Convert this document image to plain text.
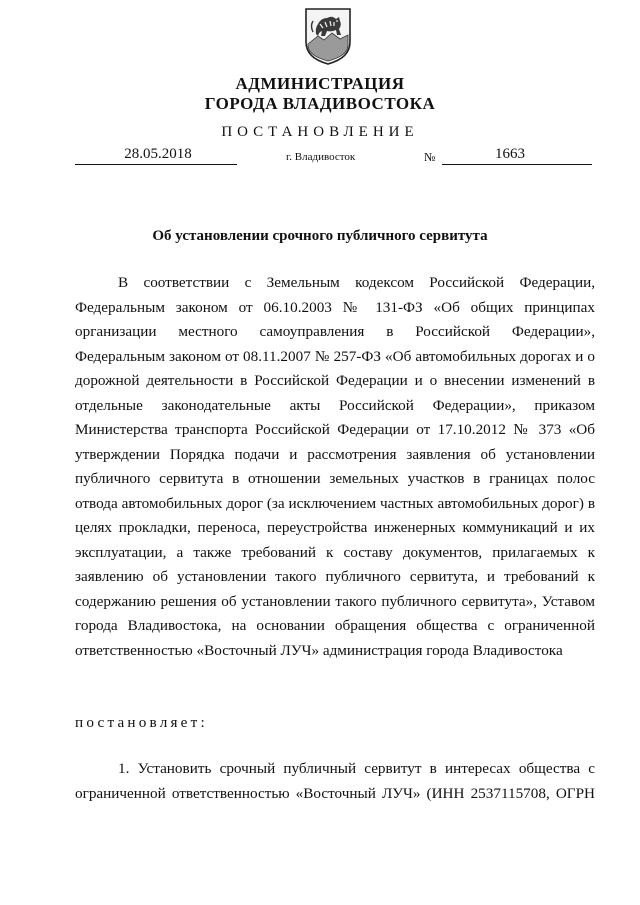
АДМИНИСТРАЦИЯ
ГОРОДА ВЛАДИВОСТОКА
ПОСТАНОВЛЕНИЕ
28.05.2018	г. Владивосток	№	1663
Об установлении срочного публичного сервитута
В соответствии с Земельным кодексом Российской Федерации,
Федеральным законом от 06.10.2003 № 131-ФЗ «Об общих принципах
организации местного самоуправления в Российской Федерации»,
Федеральным законом от 08.11.2007 № 257-ФЗ «Об автомобильных дорогах и о
дорожной деятельности в Российской Федерации и о внесении изменений в
отдельные законодательные акты Российской Федерации», приказом
Министерства транспорта Российской Федерации от 17.10.2012 № 373 «Об
утверждении Порядка подачи и рассмотрения заявления об установлении
публичного сервитута в отношении земельных участков в границах полос
отвода автомобильных дорог (за исключением частных автомобильных дорог) в
целях прокладки, переноса, переустройства инженерных коммуникаций и их
эксплуатации, а также требований к составу документов, прилагаемых к
заявлению об установлении такого публичного сервитута, и требований к
содержанию решения об установлении такого публичного сервитута», Уставом
города Владивостока, на основании обращения общества с ограниченной
ответственностью «Восточный ЛУЧ» администрация города Владивостока
постановляет:
1. Установить срочный публичный сервитут в интересах общества с
ограниченной ответственностью «Восточный ЛУЧ» (ИНН 2537115708, ОГРН
